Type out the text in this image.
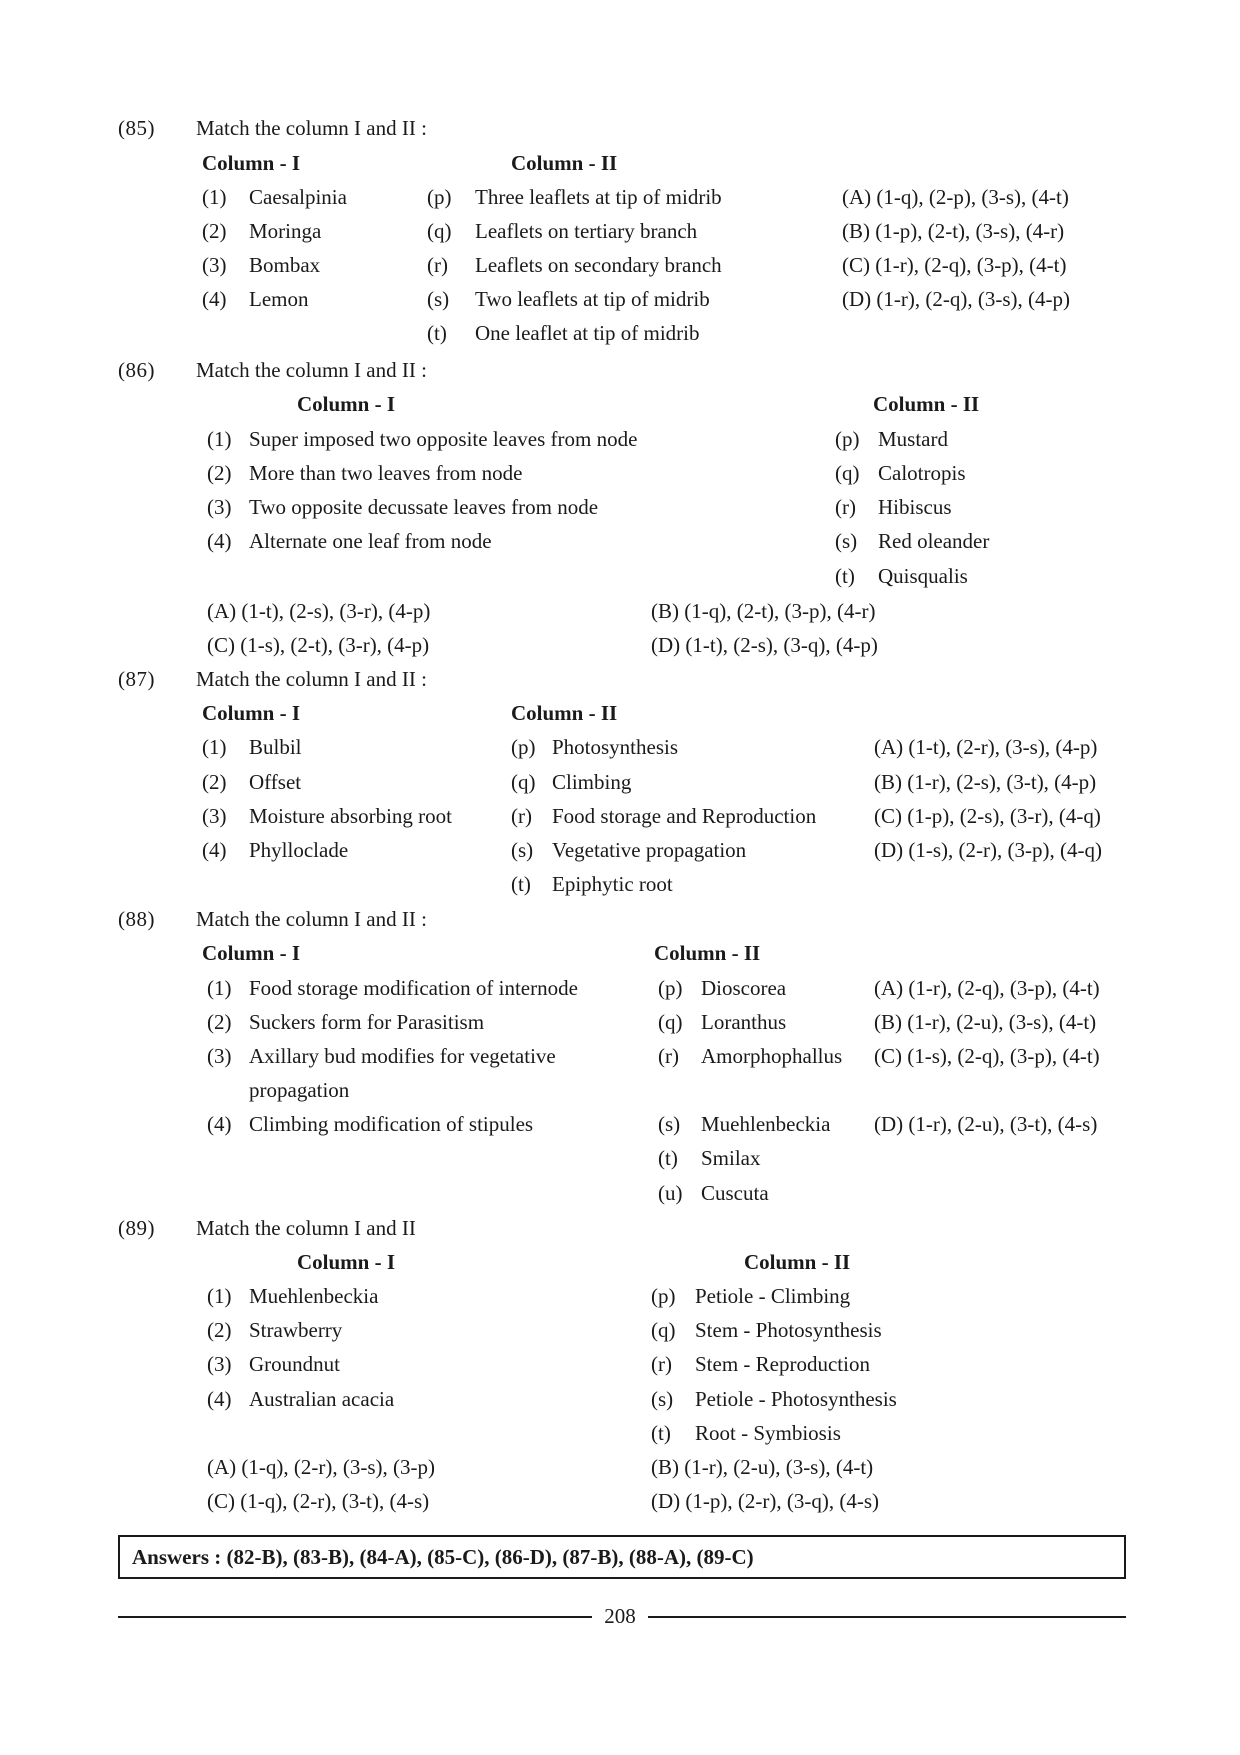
(85) Match the column I and II :
Column - I	Column - II
(1) Caesalpinia
(2) Moringa
(3) Bombax
(4) Lemon
(p) Three leaflets at tip of midrib
(q) Leaflets on tertiary branch
(r) Leaflets on secondary branch
(s) Two leaflets at tip of midrib
(t) One leaflet at tip of midrib
(A) (1-q), (2-p), (3-s), (4-t)
(B) (1-p), (2-t), (3-s), (4-r)
(C) (1-r), (2-q), (3-p), (4-t)
(D) (1-r), (2-q), (3-s), (4-p)
(86) Match the column I and II :
Column - I	Column - II
(1) Super imposed two opposite leaves from node
(2) More than two leaves from node
(3) Two opposite decussate leaves from node
(4) Alternate one leaf from node
(p) Mustard
(q) Calotropis
(r) Hibiscus
(s) Red oleander
(t) Quisqualis
(A) (1-t), (2-s), (3-r), (4-p)	(B) (1-q), (2-t), (3-p), (4-r)
(C) (1-s), (2-t), (3-r), (4-p)	(D) (1-t), (2-s), (3-q), (4-p)
(87) Match the column I and II :
Column - I	Column - II
(1) Bulbil
(2) Offset
(3) Moisture absorbing root
(4) Phylloclade
(p) Photosynthesis
(q) Climbing
(r) Food storage and Reproduction
(s) Vegetative propagation
(t) Epiphytic root
(A) (1-t), (2-r), (3-s), (4-p)
(B) (1-r), (2-s), (3-t), (4-p)
(C) (1-p), (2-s), (3-r), (4-q)
(D) (1-s), (2-r), (3-p), (4-q)
(88) Match the column I and II :
Column - I	Column - II
(1) Food storage modification of internode
(2) Suckers form for Parasitism
(3) Axillary bud modifies for vegetative
propagation
(4) Climbing modification of stipules
(p) Dioscorea
(q) Loranthus
(r) Amorphophallus
(s) Muehlenbeckia
(t) Smilax
(u) Cuscuta
(A) (1-r), (2-q), (3-p), (4-t)
(B) (1-r), (2-u), (3-s), (4-t)
(C) (1-s), (2-q), (3-p), (4-t)
(D) (1-r), (2-u), (3-t), (4-s)
(89) Match the column I and II
Column - I	Column - II
(1) Muehlenbeckia
(2) Strawberry
(3) Groundnut
(4) Australian acacia
(p) Petiole - Climbing
(q) Stem - Photosynthesis
(r) Stem - Reproduction
(s) Petiole - Photosynthesis
(t) Root - Symbiosis
(A) (1-q), (2-r), (3-s), (3-p)	(B) (1-r), (2-u), (3-s), (4-t)
(C) (1-q), (2-r), (3-t), (4-s)	(D) (1-p), (2-r), (3-q), (4-s)
Answers : (82-B), (83-B), (84-A), (85-C), (86-D), (87-B), (88-A), (89-C)
208
